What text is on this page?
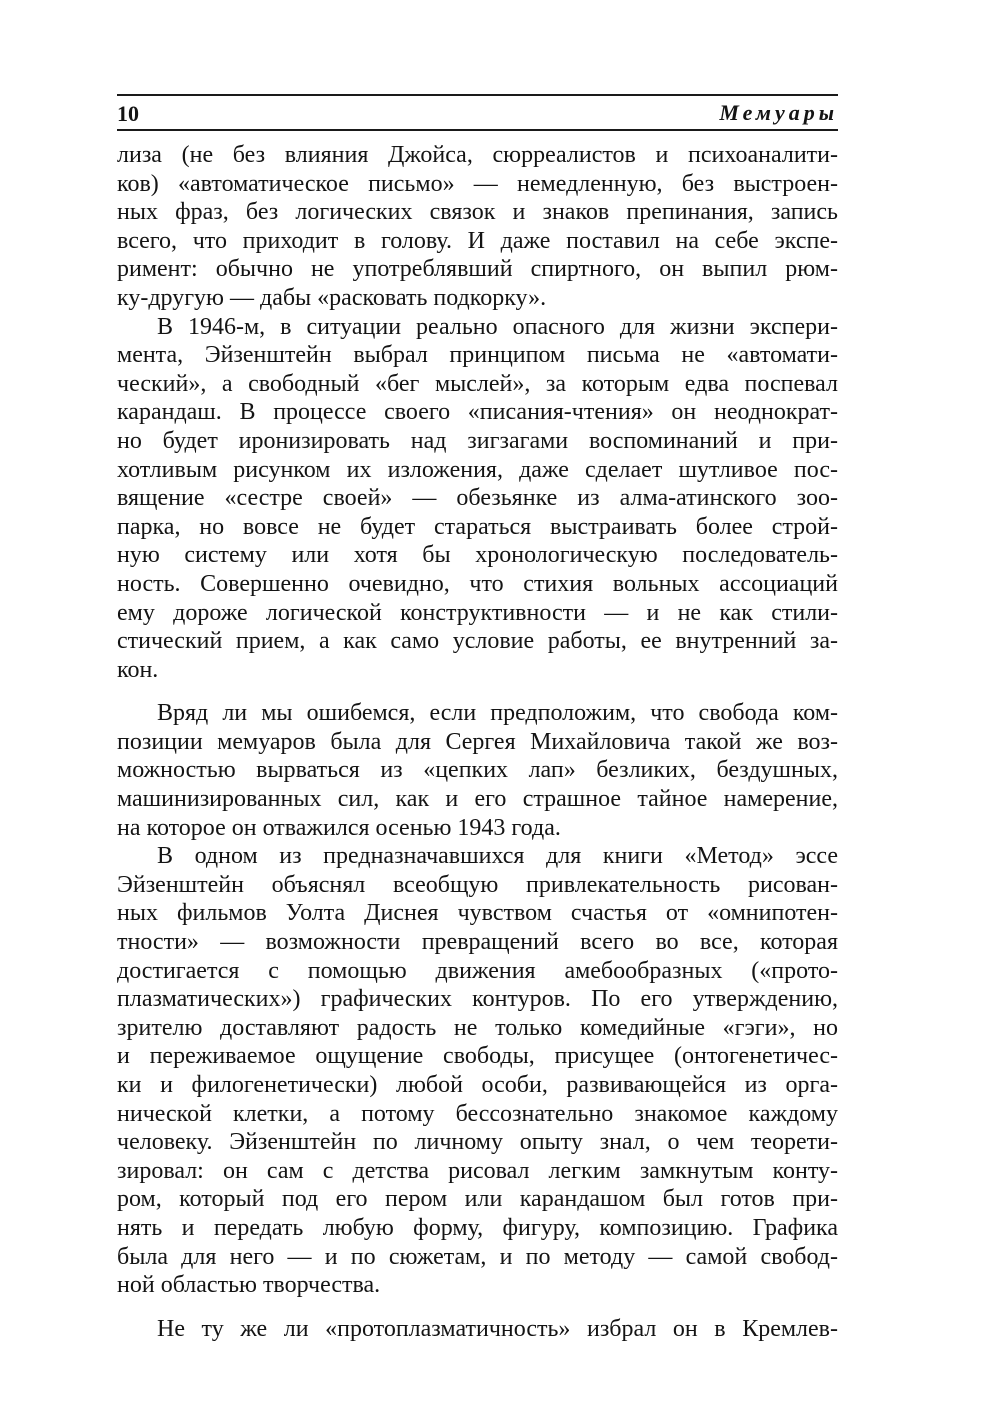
10	Мемуары
лиза (не без влияния Джойса, сюрреалистов и психоаналити-
ков) «автоматическое письмо» — немедленную, без выстроен-
ных фраз, без логических связок и знаков препинания, запись
всего, что приходит в голову. И даже поставил на себе экспе-
римент: обычно не употреблявший спиртного, он выпил рюм-
ку-другую — дабы «расковать подкорку».
В 1946-м, в ситуации реально опасного для жизни экспери-
мента, Эйзенштейн выбрал принципом письма не «автомати-
ческий», а свободный «бег мыслей», за которым едва поспевал
карандаш. В процессе своего «писания-чтения» он неоднократ-
но будет иронизировать над зигзагами воспоминаний и при-
хотливым рисунком их изложения, даже сделает шутливое пос-
вящение «сестре своей» — обезьянке из алма-атинского зоо-
парка, но вовсе не будет стараться выстраивать более строй-
ную систему или хотя бы хронологическую последователь-
ность. Совершенно очевидно, что стихия вольных ассоциаций
ему дороже логической конструктивности — и не как стили-
стический прием, а как само условие работы, ее внутренний за-
кон.
Вряд ли мы ошибемся, если предположим, что свобода ком-
позиции мемуаров была для Сергея Михайловича такой же воз-
можностью вырваться из «цепких лап» безликих, бездушных,
машинизированных сил, как и его страшное тайное намерение,
на которое он отважился осенью 1943 года.
В одном из предназначавшихся для книги «Метод» эссе
Эйзенштейн объяснял всеобщую привлекательность рисован-
ных фильмов Уолта Диснея чувством счастья от «омнипотен-
тности» — возможности превращений всего во все, которая
достигается с помощью движения амебообразных («прото-
плазматических») графических контуров. По его утверждению,
зрителю доставляют радость не только комедийные «гэги», но
и переживаемое ощущение свободы, присущее (онтогенетичес-
ки и филогенетически) любой особи, развивающейся из орга-
нической клетки, а потому бессознательно знакомое каждому
человеку. Эйзенштейн по личному опыту знал, о чем теорети-
зировал: он сам с детства рисовал легким замкнутым конту-
ром, который под его пером или карандашом был готов при-
нять и передать любую форму, фигуру, композицию. Графика
была для него — и по сюжетам, и по методу — самой свобод-
ной областью творчества.
Не ту же ли «протоплазматичность» избрал он в Кремлев-
